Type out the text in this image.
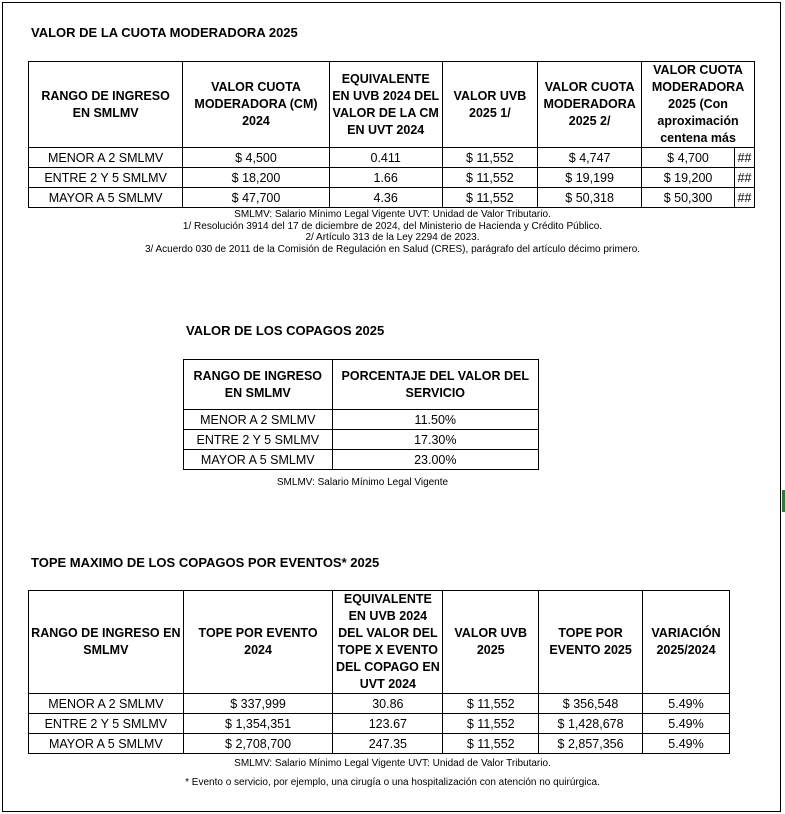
VALOR DE LA CUOTA MODERADORA 2025
RANGO DE INGRESO EN SMLMV	VALOR CUOTA MODERADORA (CM) 2024	EQUIVALENTE EN UVB 2024 DEL VALOR DE LA CM EN UVT 2024	VALOR UVB 2025 1/	VALOR CUOTA MODERADORA 2025 2/	VALOR CUOTA MODERADORA 2025 (Con aproximación centena más	
MENOR A 2 SMLMV	$ 4,500	0.411	$ 11,552	$ 4,747	$ 4,700	##
ENTRE 2 Y 5 SMLMV	$ 18,200	1.66	$ 11,552	$ 19,199	$ 19,200	##
MAYOR A 5 SMLMV	$ 47,700	4.36	$ 11,552	$ 50,318	$ 50,300	##
SMLMV: Salario Mínimo Legal Vigente UVT: Unidad de Valor Tributario.
1/ Resolución 3914 del 17 de diciembre de 2024, del Ministerio de Hacienda y Crédito Público.
2/ Artículo 313 de la Ley 2294 de 2023.
3/ Acuerdo 030 de 2011 de la Comisión de Regulación en Salud (CRES), parágrafo del artículo décimo primero.
VALOR DE LOS COPAGOS 2025
RANGO DE INGRESO EN SMLMV	PORCENTAJE DEL VALOR DEL SERVICIO
MENOR A 2 SMLMV	11.50%
ENTRE 2 Y 5 SMLMV	17.30%
MAYOR A 5 SMLMV	23.00%
SMLMV: Salario Mínimo Legal Vigente
TOPE MAXIMO DE LOS COPAGOS POR EVENTOS* 2025
RANGO DE INGRESO EN SMLMV	TOPE POR EVENTO 2024	EQUIVALENTE EN UVB 2024 DEL VALOR DEL TOPE X EVENTO DEL COPAGO EN UVT 2024	VALOR UVB 2025	TOPE POR EVENTO 2025	VARIACIÓN 2025/2024
MENOR A 2 SMLMV	$ 337,999	30.86	$ 11,552	$ 356,548	5.49%
ENTRE 2 Y 5 SMLMV	$ 1,354,351	123.67	$ 11,552	$ 1,428,678	5.49%
MAYOR A 5 SMLMV	$ 2,708,700	247.35	$ 11,552	$ 2,857,356	5.49%
SMLMV: Salario Mínimo Legal Vigente UVT: Unidad de Valor Tributario.
* Evento o servicio, por ejemplo, una cirugía o una hospitalización con atención no quirúrgica.
